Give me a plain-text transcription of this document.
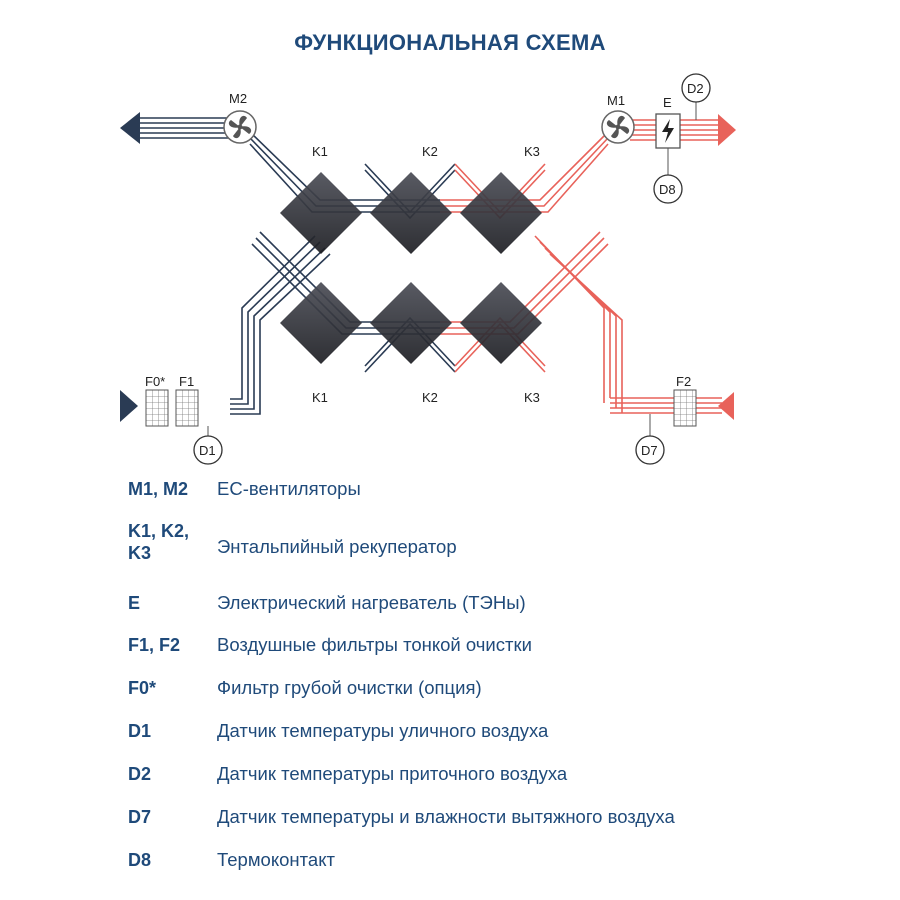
ФУНКЦИОНАЛЬНАЯ СХЕМА
M2	M1	E
K1	K2	K3
K1	K2	K3
F0* F1	F2
D1	D7
D2
D8
M1, M2	ЕС-вентиляторы
K1, K2, K3	Энтальпийный рекуператор
E	Электрический нагреватель (ТЭНы)
F1, F2	Воздушные фильтры тонкой очистки
F0*	Фильтр грубой очистки (опция)
D1	Датчик температуры уличного воздуха
D2	Датчик температуры приточного воздуха
D7	Датчик температуры и влажности вытяжного воздуха
D8	Термоконтакт
